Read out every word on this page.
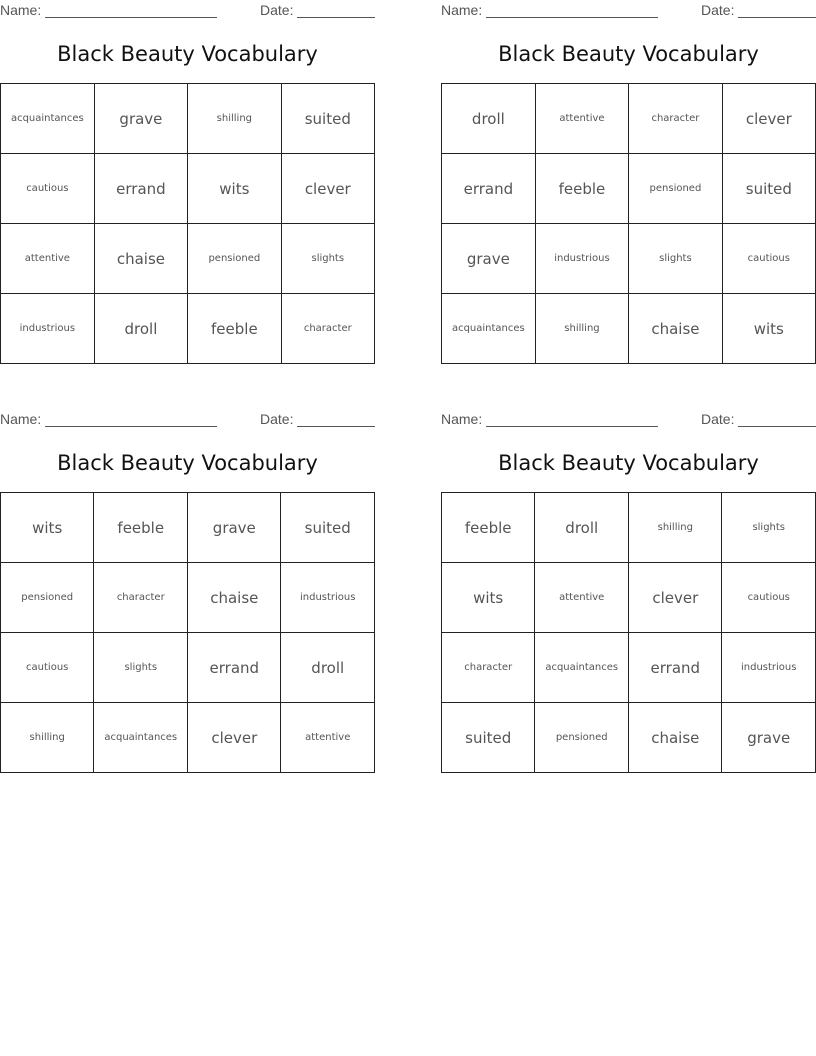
Name:	Date:
Black Beauty Vocabulary
acquaintances	grave	shilling	suited
cautious	errand	wits	clever
attentive	chaise	pensioned	slights
industrious	droll	feeble	character
Name:	Date:
Black Beauty Vocabulary
droll	attentive	character	clever
errand	feeble	pensioned	suited
grave	industrious	slights	cautious
acquaintances	shilling	chaise	wits
Name:	Date:
Black Beauty Vocabulary
wits	feeble	grave	suited
pensioned	character	chaise	industrious
cautious	slights	errand	droll
shilling	acquaintances	clever	attentive
Name:	Date:
Black Beauty Vocabulary
feeble	droll	shilling	slights
wits	attentive	clever	cautious
character	acquaintances	errand	industrious
suited	pensioned	chaise	grave
